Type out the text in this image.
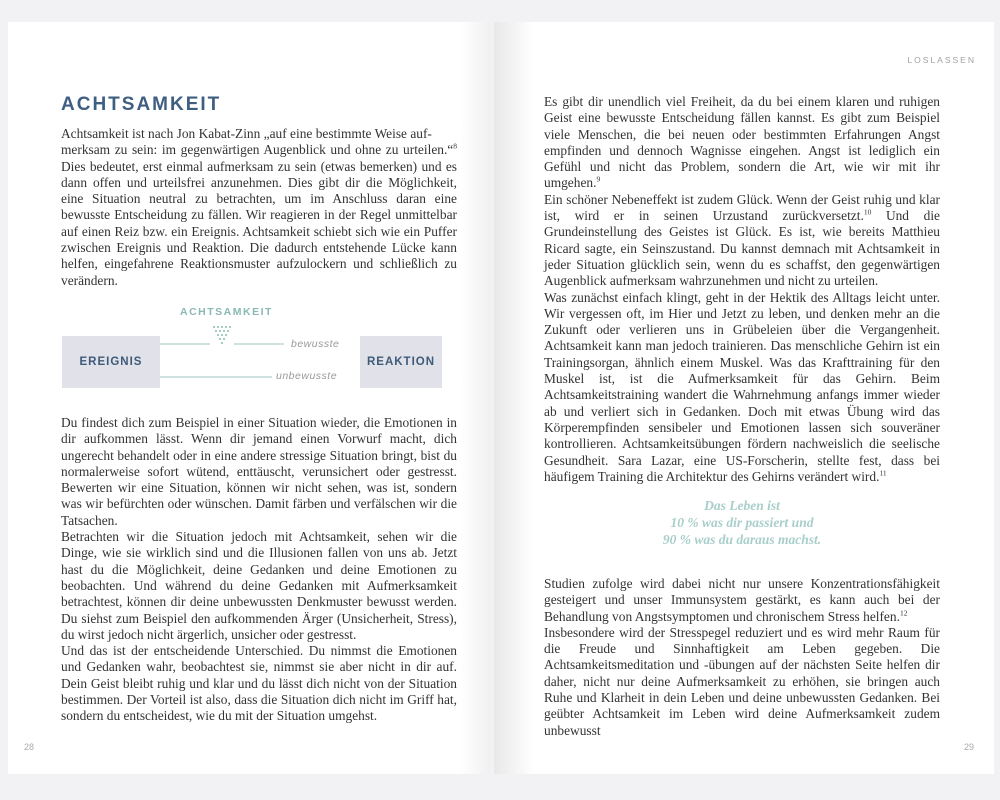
ACHTSAMKEIT

Achtsamkeit ist nach Jon Kabat-Zinn „auf eine bestimmte Weise auf-
merksam zu sein: im gegenwärtigen Augenblick und ohne zu urteilen.“$^8$ Dies bedeutet, erst einmal aufmerksam zu sein (etwas bemerken) und es dann offen und urteilsfrei anzunehmen. Dies gibt dir die Möglichkeit, eine Situation neutral zu betrachten, um im Anschluss daran eine bewusste Entscheidung zu fällen. Wir reagieren in der Regel unmittelbar auf einen Reiz bzw. ein Ereignis. Achtsamkeit schiebt sich wie ein Puffer zwischen Ereignis und Reaktion. Die dadurch entstehende Lücke kann helfen, eingefahrene Reaktionsmuster aufzulockern und schließlich zu verändern.

ACHTSAMKEIT
EREIGNIS	REAKTION
bewusste
unbewusste

Du findest dich zum Beispiel in einer Situation wieder, die Emotionen in dir aufkommen lässt. Wenn dir jemand einen Vorwurf macht, dich ungerecht behandelt oder in eine andere stressige Situation bringt, bist du normalerweise sofort wütend, enttäuscht, verunsichert oder gestresst. Bewerten wir eine Situation, können wir nicht sehen, was ist, sondern was wir befürchten oder wünschen. Damit färben und verfälschen wir die Tatsachen.

Betrachten wir die Situation jedoch mit Achtsamkeit, sehen wir die Dinge, wie sie wirklich sind und die Illusionen fallen von uns ab. Jetzt hast du die Möglichkeit, deine Gedanken und deine Emotionen zu beobachten. Und während du deine Gedanken mit Aufmerksamkeit betrachtest, können dir deine unbewussten Denkmuster bewusst werden. Du siehst zum Beispiel den aufkommenden Ärger (Unsicherheit, Stress), du wirst jedoch nicht ärgerlich, unsicher oder gestresst.

Und das ist der entscheidende Unterschied. Du nimmst die Emotionen und Gedanken wahr, beobachtest sie, nimmst sie aber nicht in dir auf. Dein Geist bleibt ruhig und klar und du lässt dich nicht von der Situation bestimmen. Der Vorteil ist also, dass die Situation dich nicht im Griff hat, sondern du entscheidest, wie du mit der Situation umgehst.

28
LOSLASSEN

Es gibt dir unendlich viel Freiheit, da du bei einem klaren und ruhigen Geist eine bewusste Entscheidung fällen kannst. Es gibt zum Beispiel viele Menschen, die bei neuen oder bestimmten Erfahrungen Angst empfinden und dennoch Wagnisse eingehen. Angst ist lediglich ein Gefühl und nicht das Problem, sondern die Art, wie wir mit ihr umgehen.$^9$

Ein schöner Nebeneffekt ist zudem Glück. Wenn der Geist ruhig und klar ist, wird er in seinen Urzustand zurückversetzt.$^{10}$ Und die Grundeinstellung des Geistes ist Glück. Es ist, wie bereits Matthieu Ricard sagte, ein Seinszustand. Du kannst demnach mit Achtsamkeit in jeder Situation glücklich sein, wenn du es schaffst, den gegenwärtigen Augenblick aufmerksam wahrzunehmen und nicht zu urteilen.

Was zunächst einfach klingt, geht in der Hektik des Alltags leicht unter. Wir vergessen oft, im Hier und Jetzt zu leben, und denken mehr an die Zukunft oder verlieren uns in Grübeleien über die Vergangenheit. Achtsamkeit kann man jedoch trainieren. Das menschliche Gehirn ist ein Trainingsorgan, ähnlich einem Muskel. Was das Krafttraining für den Muskel ist, ist die Aufmerksamkeit für das Gehirn. Beim Achtsamkeitstraining wandert die Wahrnehmung anfangs immer wieder ab und verliert sich in Gedanken. Doch mit etwas Übung wird das Körperempfinden sensibeler und Emotionen lassen sich souveräner kontrollieren. Achtsamkeitsübungen fördern nachweislich die seelische Gesundheit. Sara Lazar, eine US-Forscherin, stellte fest, dass bei häufigem Training die Architektur des Gehirns verändert wird.$^{11}$

Das Leben ist
10 % was dir passiert und
90 % was du daraus machst.

Studien zufolge wird dabei nicht nur unsere Konzentrationsfähigkeit gesteigert und unser Immunsystem gestärkt, es kann auch bei der Behandlung von Angstsymptomen und chronischem Stress helfen.$^{12}$

Insbesondere wird der Stresspegel reduziert und es wird mehr Raum für die Freude und Sinnhaftigkeit am Leben gegeben. Die Achtsamkeitsmeditation und -übungen auf der nächsten Seite helfen dir daher, nicht nur deine Aufmerksamkeit zu erhöhen, sie bringen auch Ruhe und Klarheit in dein Leben und deine unbewussten Gedanken. Bei geübter Achtsamkeit im Leben wird deine Aufmerksamkeit zudem unbewusst

29
